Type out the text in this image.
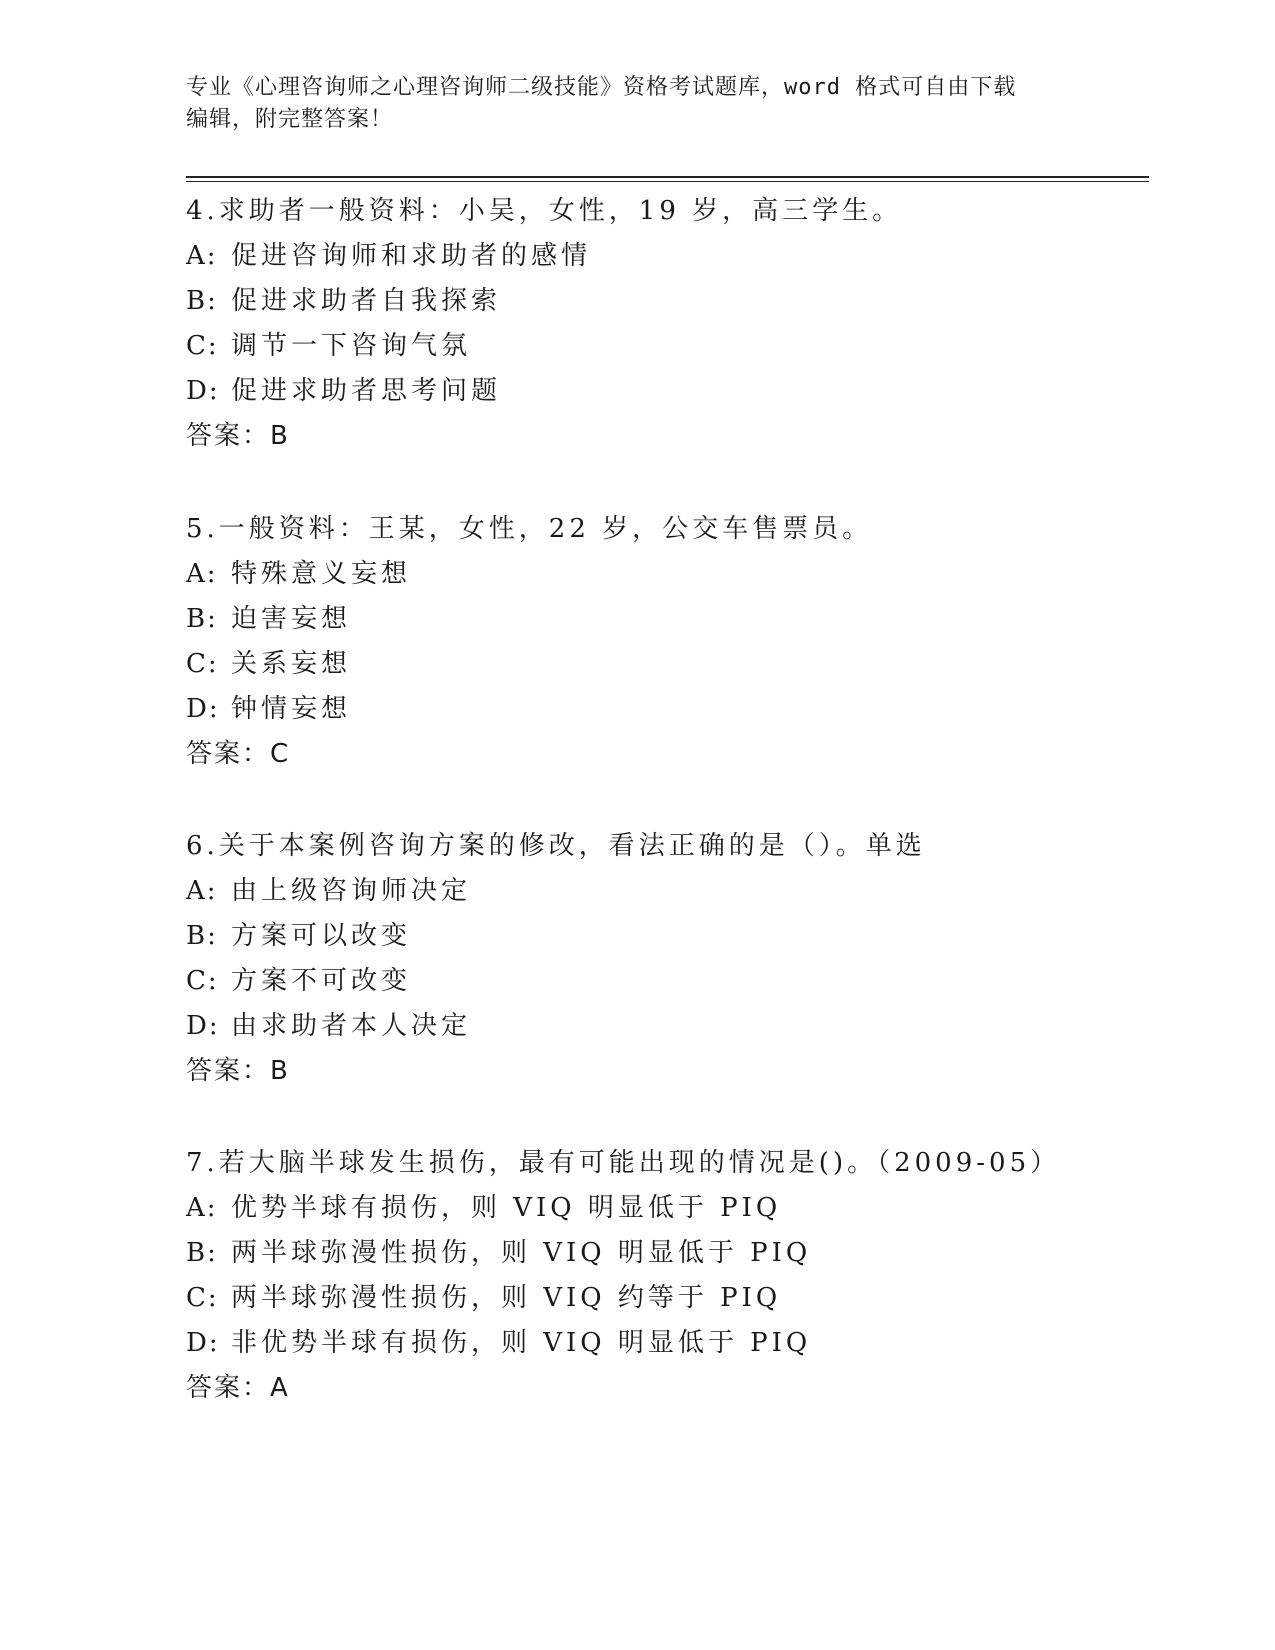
专业《心理咨询师之心理咨询师二级技能》资格考试题库，word 格式可自由下载
编辑，附完整答案！
4.求助者一般资料：小吴，女性，19 岁，高三学生。
A: 促进咨询师和求助者的感情
B: 促进求助者自我探索
C: 调节一下咨询气氛
D: 促进求助者思考问题
答案：B
5.一般资料：王某，女性，22 岁，公交车售票员。
A: 特殊意义妄想
B: 迫害妄想
C: 关系妄想
D: 钟情妄想
答案：C
6.关于本案例咨询方案的修改，看法正确的是（）。单选
A: 由上级咨询师决定
B: 方案可以改变
C: 方案不可改变
D: 由求助者本人决定
答案：B
7.若大脑半球发生损伤，最有可能出现的情况是()。（2009-05）
A: 优势半球有损伤，则 VIQ 明显低于 PIQ
B: 两半球弥漫性损伤，则 VIQ 明显低于 PIQ
C: 两半球弥漫性损伤，则 VIQ 约等于 PIQ
D: 非优势半球有损伤，则 VIQ 明显低于 PIQ
答案：A
